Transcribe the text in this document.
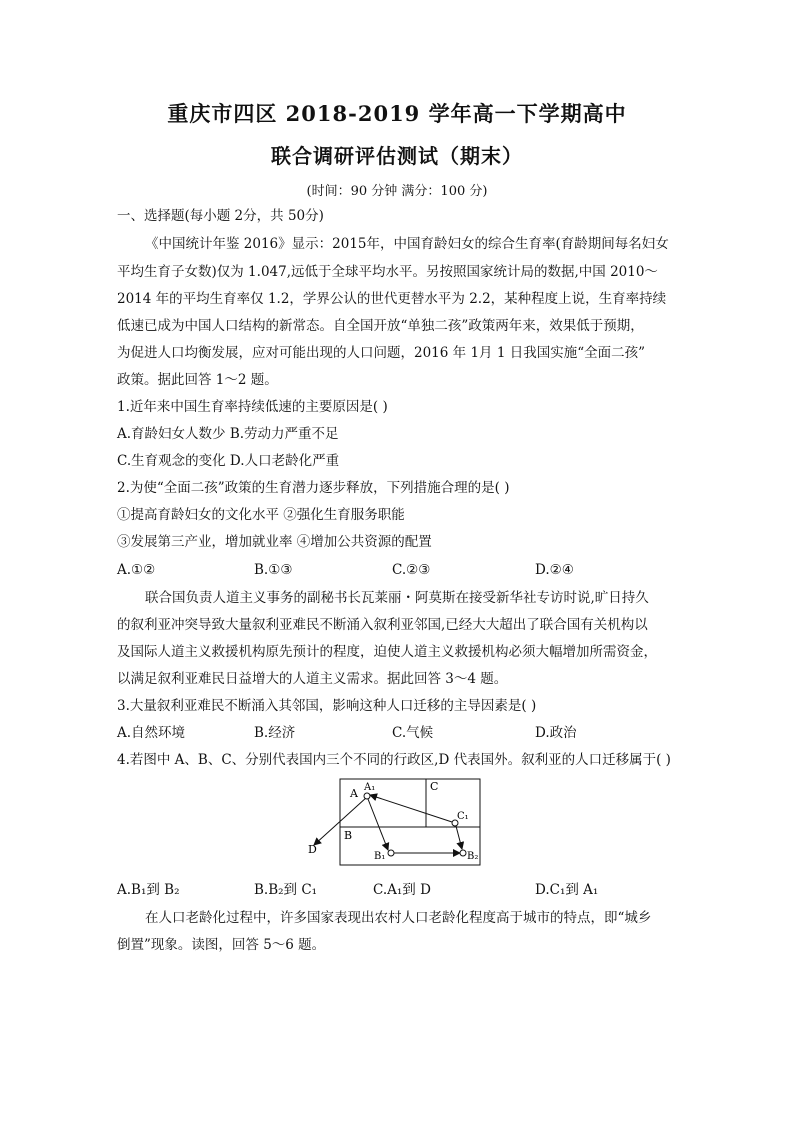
重庆市四区 2018-2019 学年高一下学期高中
联合调研评估测试（期末）
(时间：90 分钟 满分：100 分)
一、选择题(每小题 2分，共 50分)
《中国统计年鉴 2016》显示：2015年，中国育龄妇女的综合生育率(育龄期间每名妇女
平均生育子女数)仅为 1.047,远低于全球平均水平。另按照国家统计局的数据,中国 2010～
2014 年的平均生育率仅 1.2，学界公认的世代更替水平为 2.2，某种程度上说，生育率持续
低速已成为中国人口结构的新常态。自全国开放“单独二孩”政策两年来，效果低于预期，
为促进人口均衡发展，应对可能出现的人口问题，2016 年 1月 1 日我国实施“全面二孩”
政策。据此回答 1～2 题。
1.近年来中国生育率持续低速的主要原因是( )
A.育龄妇女人数少 B.劳动力严重不足
C.生育观念的变化 D.人口老龄化严重
2.为使“全面二孩”政策的生育潜力逐步释放，下列措施合理的是( )
①提高育龄妇女的文化水平 ②强化生育服务职能
③发展第三产业，增加就业率 ④增加公共资源的配置
A.①②	B.①③	C.②③	D.②④
联合国负责人道主义事务的副秘书长瓦莱丽・阿莫斯在接受新华社专访时说,旷日持久
的叙利亚冲突导致大量叙利亚难民不断涌入叙利亚邻国,已经大大超出了联合国有关机构以
及国际人道主义救援机构原先预计的程度，迫使人道主义救援机构必须大幅增加所需资金，
以满足叙利亚难民日益增大的人道主义需求。据此回答 3～4 题。
3.大量叙利亚难民不断涌入其邻国，影响这种人口迁移的主导因素是( )
A.自然环境	B.经济	C.气候	D.政治
4.若图中 A、B、C、分别代表国内三个不同的行政区,D 代表国外。叙利亚的人口迁移属于( )
A A₁	C
C₁
B
B₁	B₂
D
A.B₁到 B₂	B.B₂到 C₁	C.A₁到 D	D.C₁到 A₁
在人口老龄化过程中，许多国家表现出农村人口老龄化程度高于城市的特点，即“城乡
倒置”现象。读图，回答 5～6 题。
